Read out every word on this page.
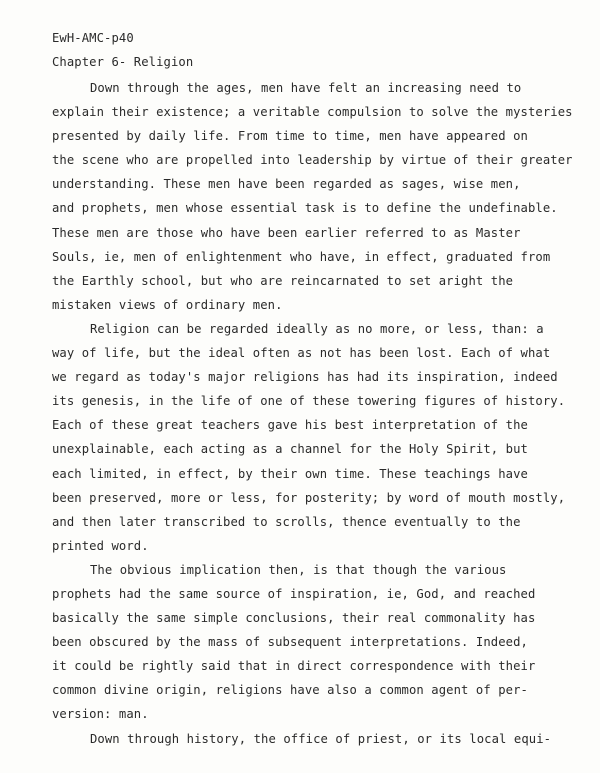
EwH-AMC-p40
Chapter 6- Religion
Down through the ages, men have felt an increasing need to
explain their existence; a veritable compulsion to solve the mysteries
presented by daily life. From time to time, men have appeared on
the scene who are propelled into leadership by virtue of their greater
understanding. These men have been regarded as sages, wise men,
and prophets, men whose essential task is to define the undefinable.
These men are those who have been earlier referred to as Master
Souls, ie, men of enlightenment who have, in effect, graduated from
the Earthly school, but who are reincarnated to set aright the
mistaken views of ordinary men.
Religion can be regarded ideally as no more, or less, than: a
way of life, but the ideal often as not has been lost. Each of what
we regard as today's major religions has had its inspiration, indeed
its genesis, in the life of one of these towering figures of history.
Each of these great teachers gave his best interpretation of the
unexplainable, each acting as a channel for the Holy Spirit, but
each limited, in effect, by their own time. These teachings have
been preserved, more or less, for posterity; by word of mouth mostly,
and then later transcribed to scrolls, thence eventually to the
printed word.
The obvious implication then, is that though the various
prophets had the same source of inspiration, ie, God, and reached
basically the same simple conclusions, their real commonality has
been obscured by the mass of subsequent interpretations. Indeed,
it could be rightly said that in direct correspondence with their
common divine origin, religions have also a common agent of per-
version: man.
Down through history, the office of priest, or its local equi-
